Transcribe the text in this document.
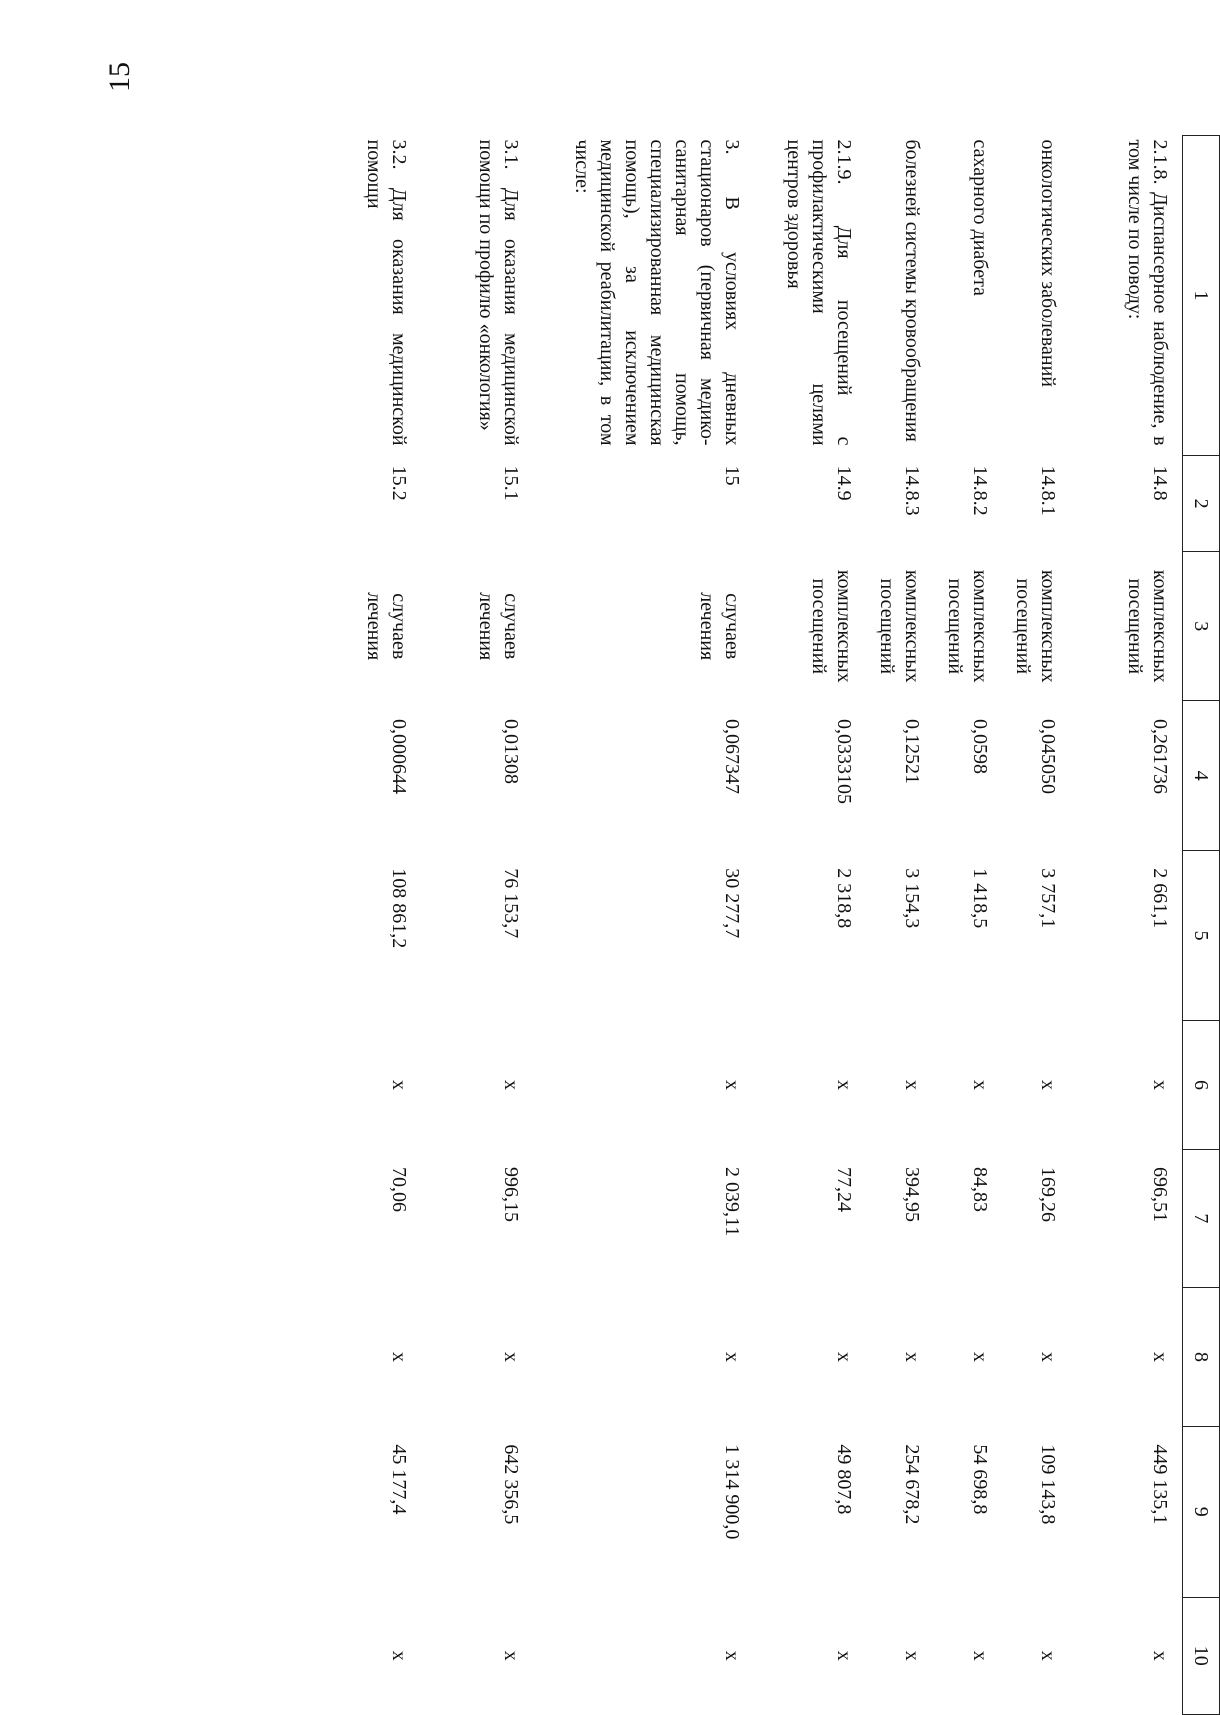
15
1	2	3	4	5	6	7	8	9	10
2.1.8. Диспансерное наблюдение, в том числе по поводу:	14.8	комплексных посещений	0,261736	2 661,1	х	696,51	х	449 135,1	х
онкологических заболеваний	14.8.1	комплексных посещений	0,045050	3 757,1	х	169,26	х	109 143,8	х
сахарного диабета	14.8.2	комплексных посещений	0,0598	1 418,5	х	84,83	х	54 698,8	х
болезней системы кровообращения	14.8.3	комплексных посещений	0,12521	3 154,3	х	394,95	х	254 678,2	х
2.1.9. Для посещений с профилактическими целями центров здоровья	14.9	комплексных посещений	0,0333105	2 318,8	х	77,24	х	49 807,8	х
3. В условиях дневных стационаров (первичная медико-санитарная помощь, специализированная медицинская помощь), за исключением медицинской реабилитации, в том числе:	15	случаев лечения	0,067347	30 277,7	х	2 039,11	х	1 314 900,0	х
3.1. Для оказания медицинской помощи по профилю «онкология»	15.1	случаев лечения	0,01308	76 153,7	х	996,15	х	642 356,5	х
3.2. Для оказания медицинской помощи	15.2	случаев лечения	0,000644	108 861,2	х	70,06	х	45 177,4	х
